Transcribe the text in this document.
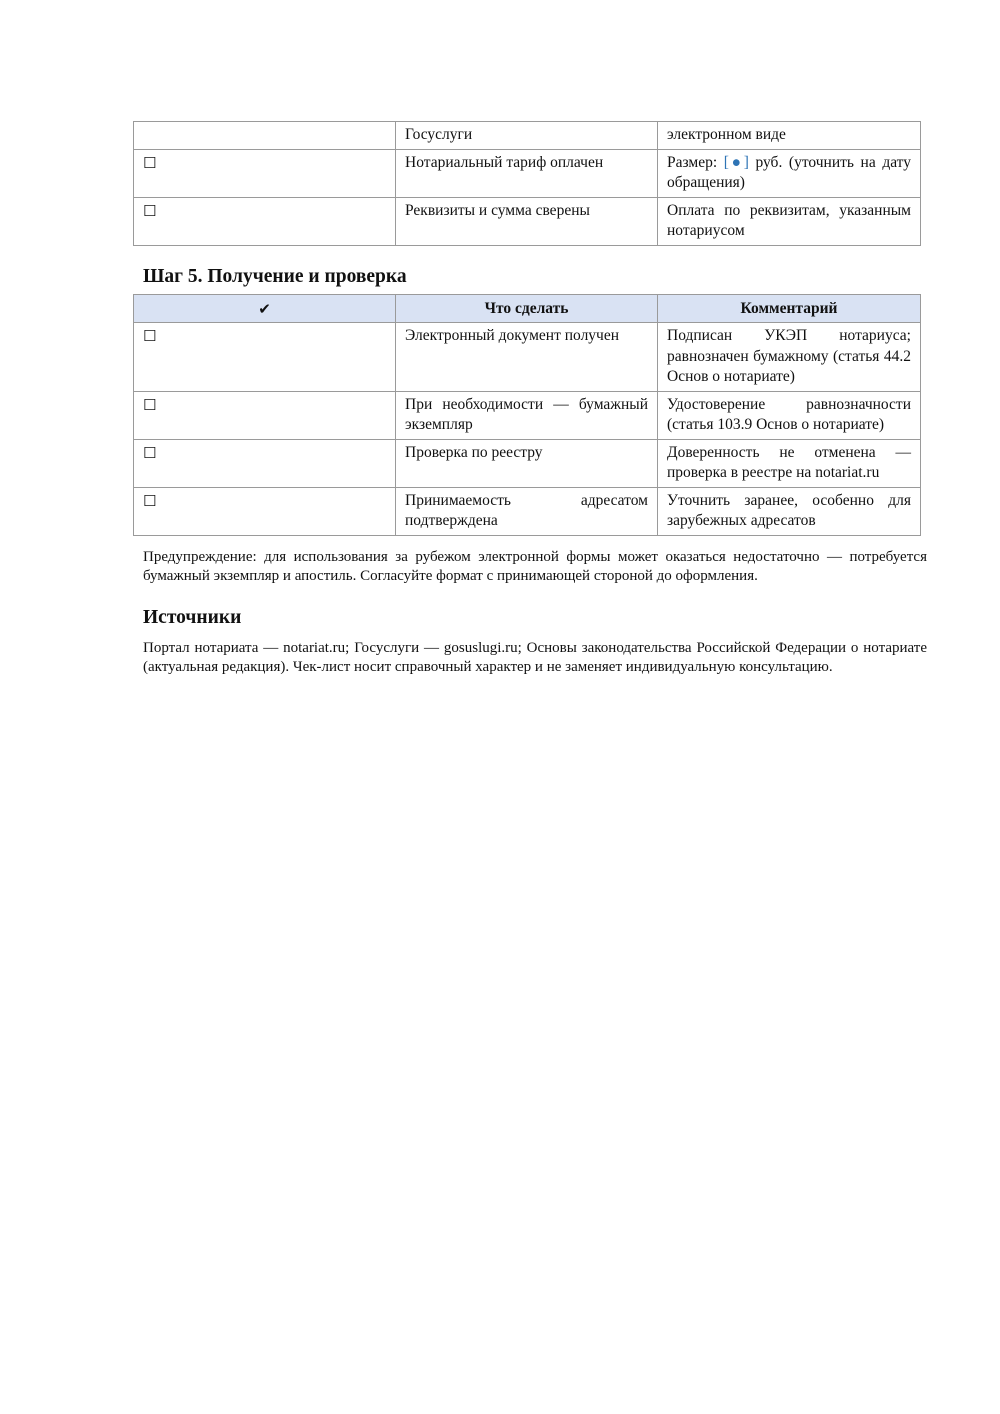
	Госуслуги	электронном виде
☐	Нотариальный тариф оплачен	Размер: [●] руб. (уточнить на дату обращения)
☐	Реквизиты и сумма сверены	Оплата по реквизитам, указанным нотариусом
Шаг 5. Получение и проверка
✔	Что сделать	Комментарий
☐	Электронный документ получен	Подписан УКЭП нотариуса; равнозначен бумажному (статья 44.2 Основ о нотариате)
☐	При необходимости — бумажный экземпляр	Удостоверение равнозначности (статья 103.9 Основ о нотариате)
☐	Проверка по реестру	Доверенность не отменена — проверка в реестре на notariat.ru
☐	Принимаемость адресатом подтверждена	Уточнить заранее, особенно для зарубежных адресатов

Предупреждение: для использования за рубежом электронной формы может оказаться недостаточно — потребуется бумажный экземпляр и апостиль. Согласуйте формат с принимающей стороной до оформления.

Источники

Портал нотариата — notariat.ru; Госуслуги — gosuslugi.ru; Основы законодательства Российской Федерации о нотариате (актуальная редакция). Чек-лист носит справочный характер и не заменяет индивидуальную консультацию.
